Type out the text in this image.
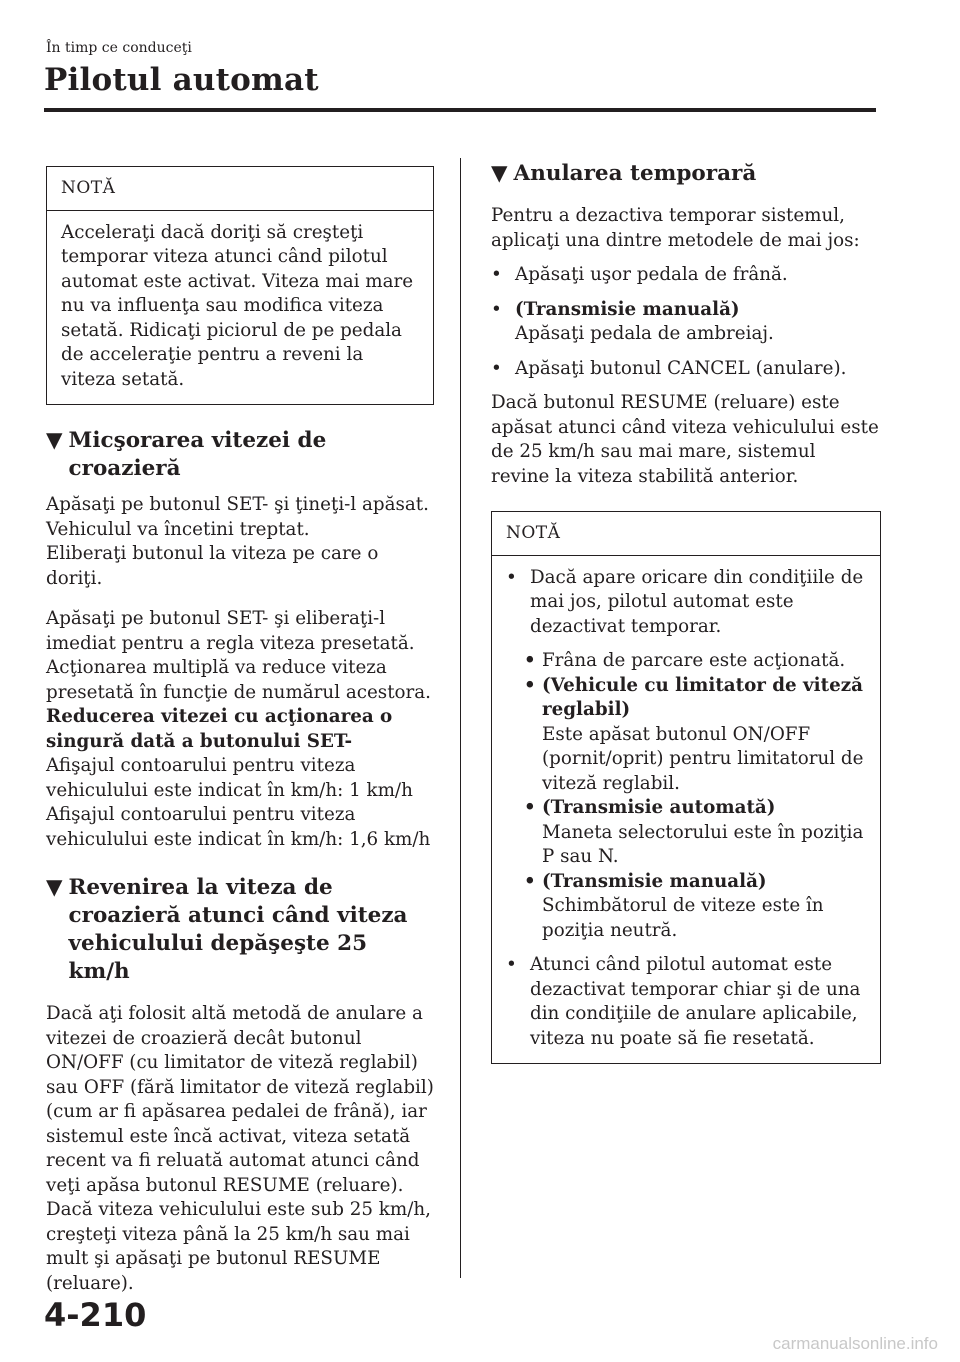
În timp ce conduceţi
Pilotul automat
NOTĂ

Acceleraţi dacă doriţi să creşteţi temporar viteza atunci când pilotul automat este activat. Viteza mai mare nu va influenţa sau modifica viteza setată. Ridicaţi piciorul de pe pedala de acceleraţie pentru a reveni la viteza setată.

▼ Micşorarea vitezei de croazieră

Apăsaţi pe butonul SET- şi ţineţi-l apăsat. Vehiculul va încetini treptat.

Eliberaţi butonul la viteza pe care o doriţi.

Apăsaţi pe butonul SET- şi eliberaţi-l imediat pentru a regla viteza presetată. Acţionarea multiplă va reduce viteza presetată în funcţie de numărul acestora.

Reducerea vitezei cu acţionarea o singură dată a butonului SET-

Afişajul contoarului pentru viteza vehiculului este indicat în km/h: 1 km/h

Afişajul contoarului pentru viteza vehiculului este indicat în km/h: 1,6 km/h

▼ Revenirea la viteza de croazieră atunci când viteza vehiculului depăşeşte 25 km/h

Dacă aţi folosit altă metodă de anulare a vitezei de croazieră decât butonul ON/OFF (cu limitator de viteză reglabil) sau OFF (fără limitator de viteză reglabil) (cum ar fi apăsarea pedalei de frână), iar sistemul este încă activat, viteza setată recent va fi reluată automat atunci când veţi apăsa butonul RESUME (reluare).

Dacă viteza vehiculului este sub 25 km/h, creşteţi viteza până la 25 km/h sau mai mult şi apăsaţi pe butonul RESUME (reluare).

▼ Anularea temporară

Pentru a dezactiva temporar sistemul, aplicaţi una dintre metodele de mai jos:

• Apăsaţi uşor pedala de frână.
• (Transmisie manuală)
Apăsaţi pedala de ambreiaj.
• Apăsaţi butonul CANCEL (anulare).

Dacă butonul RESUME (reluare) este apăsat atunci când viteza vehiculului este de 25 km/h sau mai mare, sistemul revine la viteza stabilită anterior.

NOTĂ
• Dacă apare oricare din condiţiile de mai jos, pilotul automat este dezactivat temporar.
• Frâna de parcare este acţionată.
• (Vehicule cu limitator de viteză reglabil)
Este apăsat butonul ON/OFF (pornit/oprit) pentru limitatorul de viteză reglabil.
• (Transmisie automată)
Maneta selectorului este în poziţia P sau N.
• (Transmisie manuală)
Schimbătorul de viteze este în poziţia neutră.
• Atunci când pilotul automat este dezactivat temporar chiar şi de una din condiţiile de anulare aplicabile, viteza nu poate să fie resetată.
4-210
carmanualsonline.info
